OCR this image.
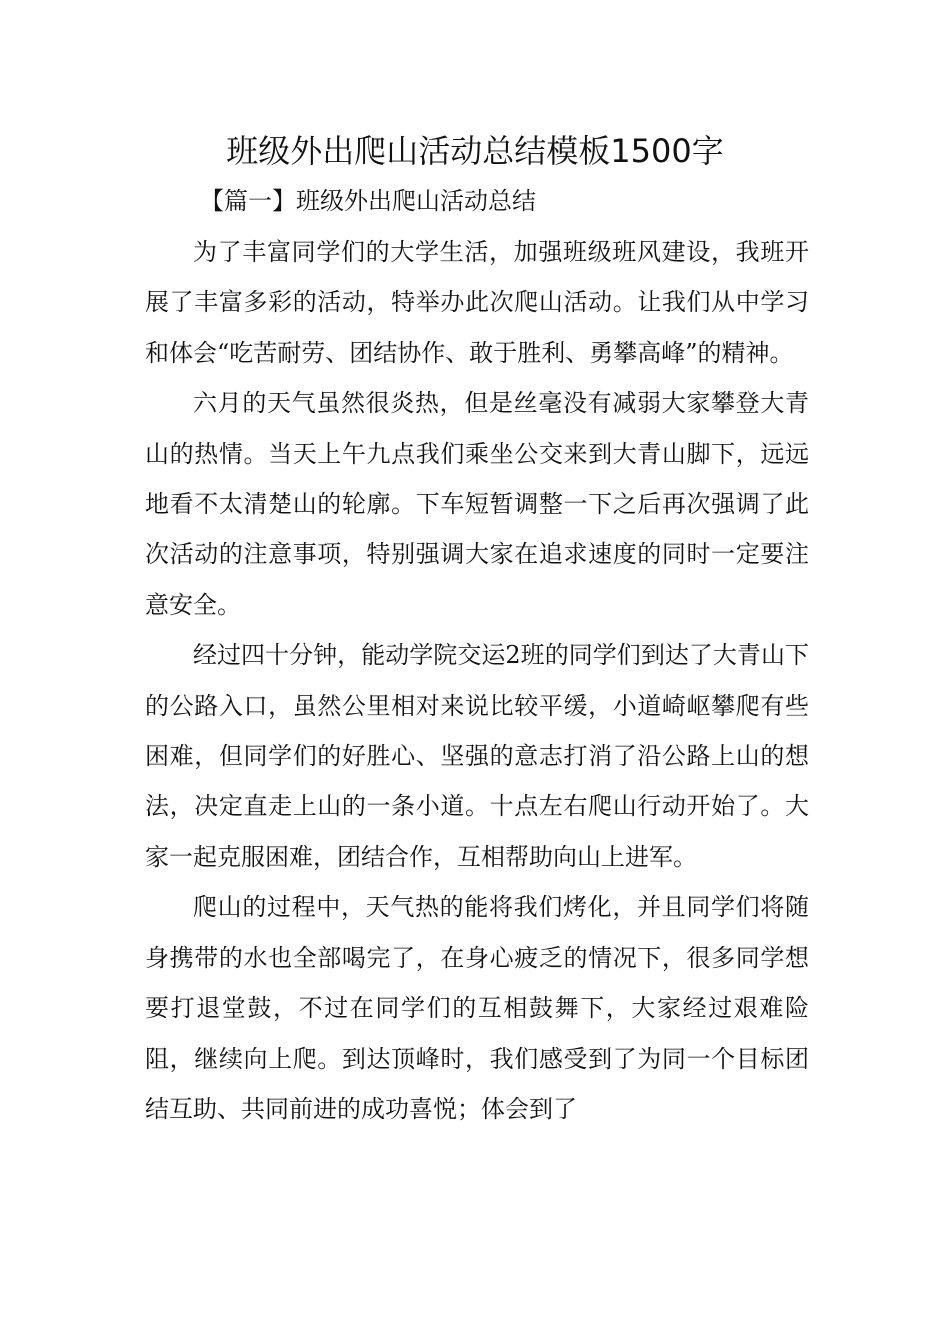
班级外出爬山活动总结模板1500字
【篇一】班级外出爬山活动总结

为了丰富同学们的大学生活，加强班级班风建设，我班开展了丰富多彩的活动，特举办此次爬山活动。让我们从中学习和体会“吃苦耐劳、团结协作、敢于胜利、勇攀高峰”的精神。

六月的天气虽然很炎热，但是丝毫没有减弱大家攀登大青山的热情。当天上午九点我们乘坐公交来到大青山脚下，远远地看不太清楚山的轮廓。下车短暂调整一下之后再次强调了此次活动的注意事项，特别强调大家在追求速度的同时一定要注意安全。

经过四十分钟，能动学院交运2班的同学们到达了大青山下的公路入口，虽然公里相对来说比较平缓，小道崎岖攀爬有些困难，但同学们的好胜心、坚强的意志打消了沿公路上山的想法，决定直走上山的一条小道。十点左右爬山行动开始了。大家一起克服困难，团结合作，互相帮助向山上进军。

爬山的过程中，天气热的能将我们烤化，并且同学们将随身携带的水也全部喝完了，在身心疲乏的情况下，很多同学想要打退堂鼓，不过在同学们的互相鼓舞下，大家经过艰难险阻，继续向上爬。到达顶峰时，我们感受到了为同一个目标团结互助、共同前进的成功喜悦；体会到了
